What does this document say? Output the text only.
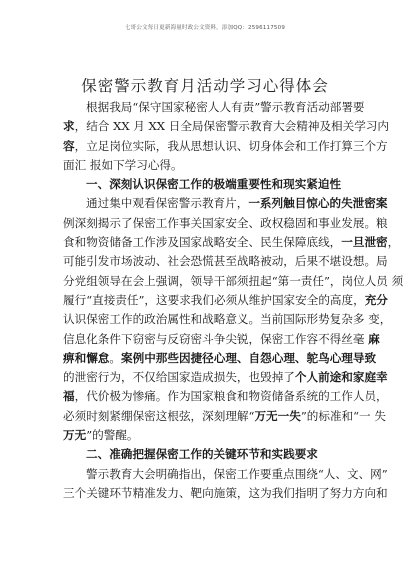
七哥公文每日更新海量时政公文资料，添加QQ：2596117509
保密警示教育月活动学习心得体会
根据我局“保守国家秘密人人有责”警示教育活动部署要
求，结合 XX 月 XX 日全局保密警示教育大会精神及相关学习内
容，立足岗位实际，我从思想认识、切身体会和工作打算三个方
面汇 报如下学习心得。
一、深刻认识保密工作的极端重要性和现实紧迫性
通过集中观看保密警示教育片，一系列触目惊心的失泄密案
例深刻揭示了保密工作事关国家安全、政权稳固和事业发展。粮
食和物资储备工作涉及国家战略安全、民生保障底线，一旦泄密，
可能引发市场波动、社会恐慌甚至战略被动，后果不堪设想。局
分党组领导在会上强调，领导干部须扭起“第一责任”，岗位人员 须
履行“直接责任”，这要求我们必须从维护国家安全的高度，充分
认识保密工作的政治属性和战略意义。当前国际形势复杂多 变，
信息化条件下窃密与反窃密斗争尖锐，保密工作容不得丝毫 麻
痹和懈怠。案例中那些因捷径心理、自怨心理、鸵鸟心理导致
的泄密行为，不仅给国家造成损失，也毁掉了个人前途和家庭幸
福，代价极为惨痛。作为国家粮食和物资储备系统的工作人员，
必须时刻紧绷保密这根弦，深刻理解“万无一失”的标准和“一 失
万无”的警醒。
二、准确把握保密工作的关键环节和实践要求
警示教育大会明确指出，保密工作要重点围绕“人、文、网”
三个关键环节精准发力、靶向施策，这为我们指明了努力方向和
